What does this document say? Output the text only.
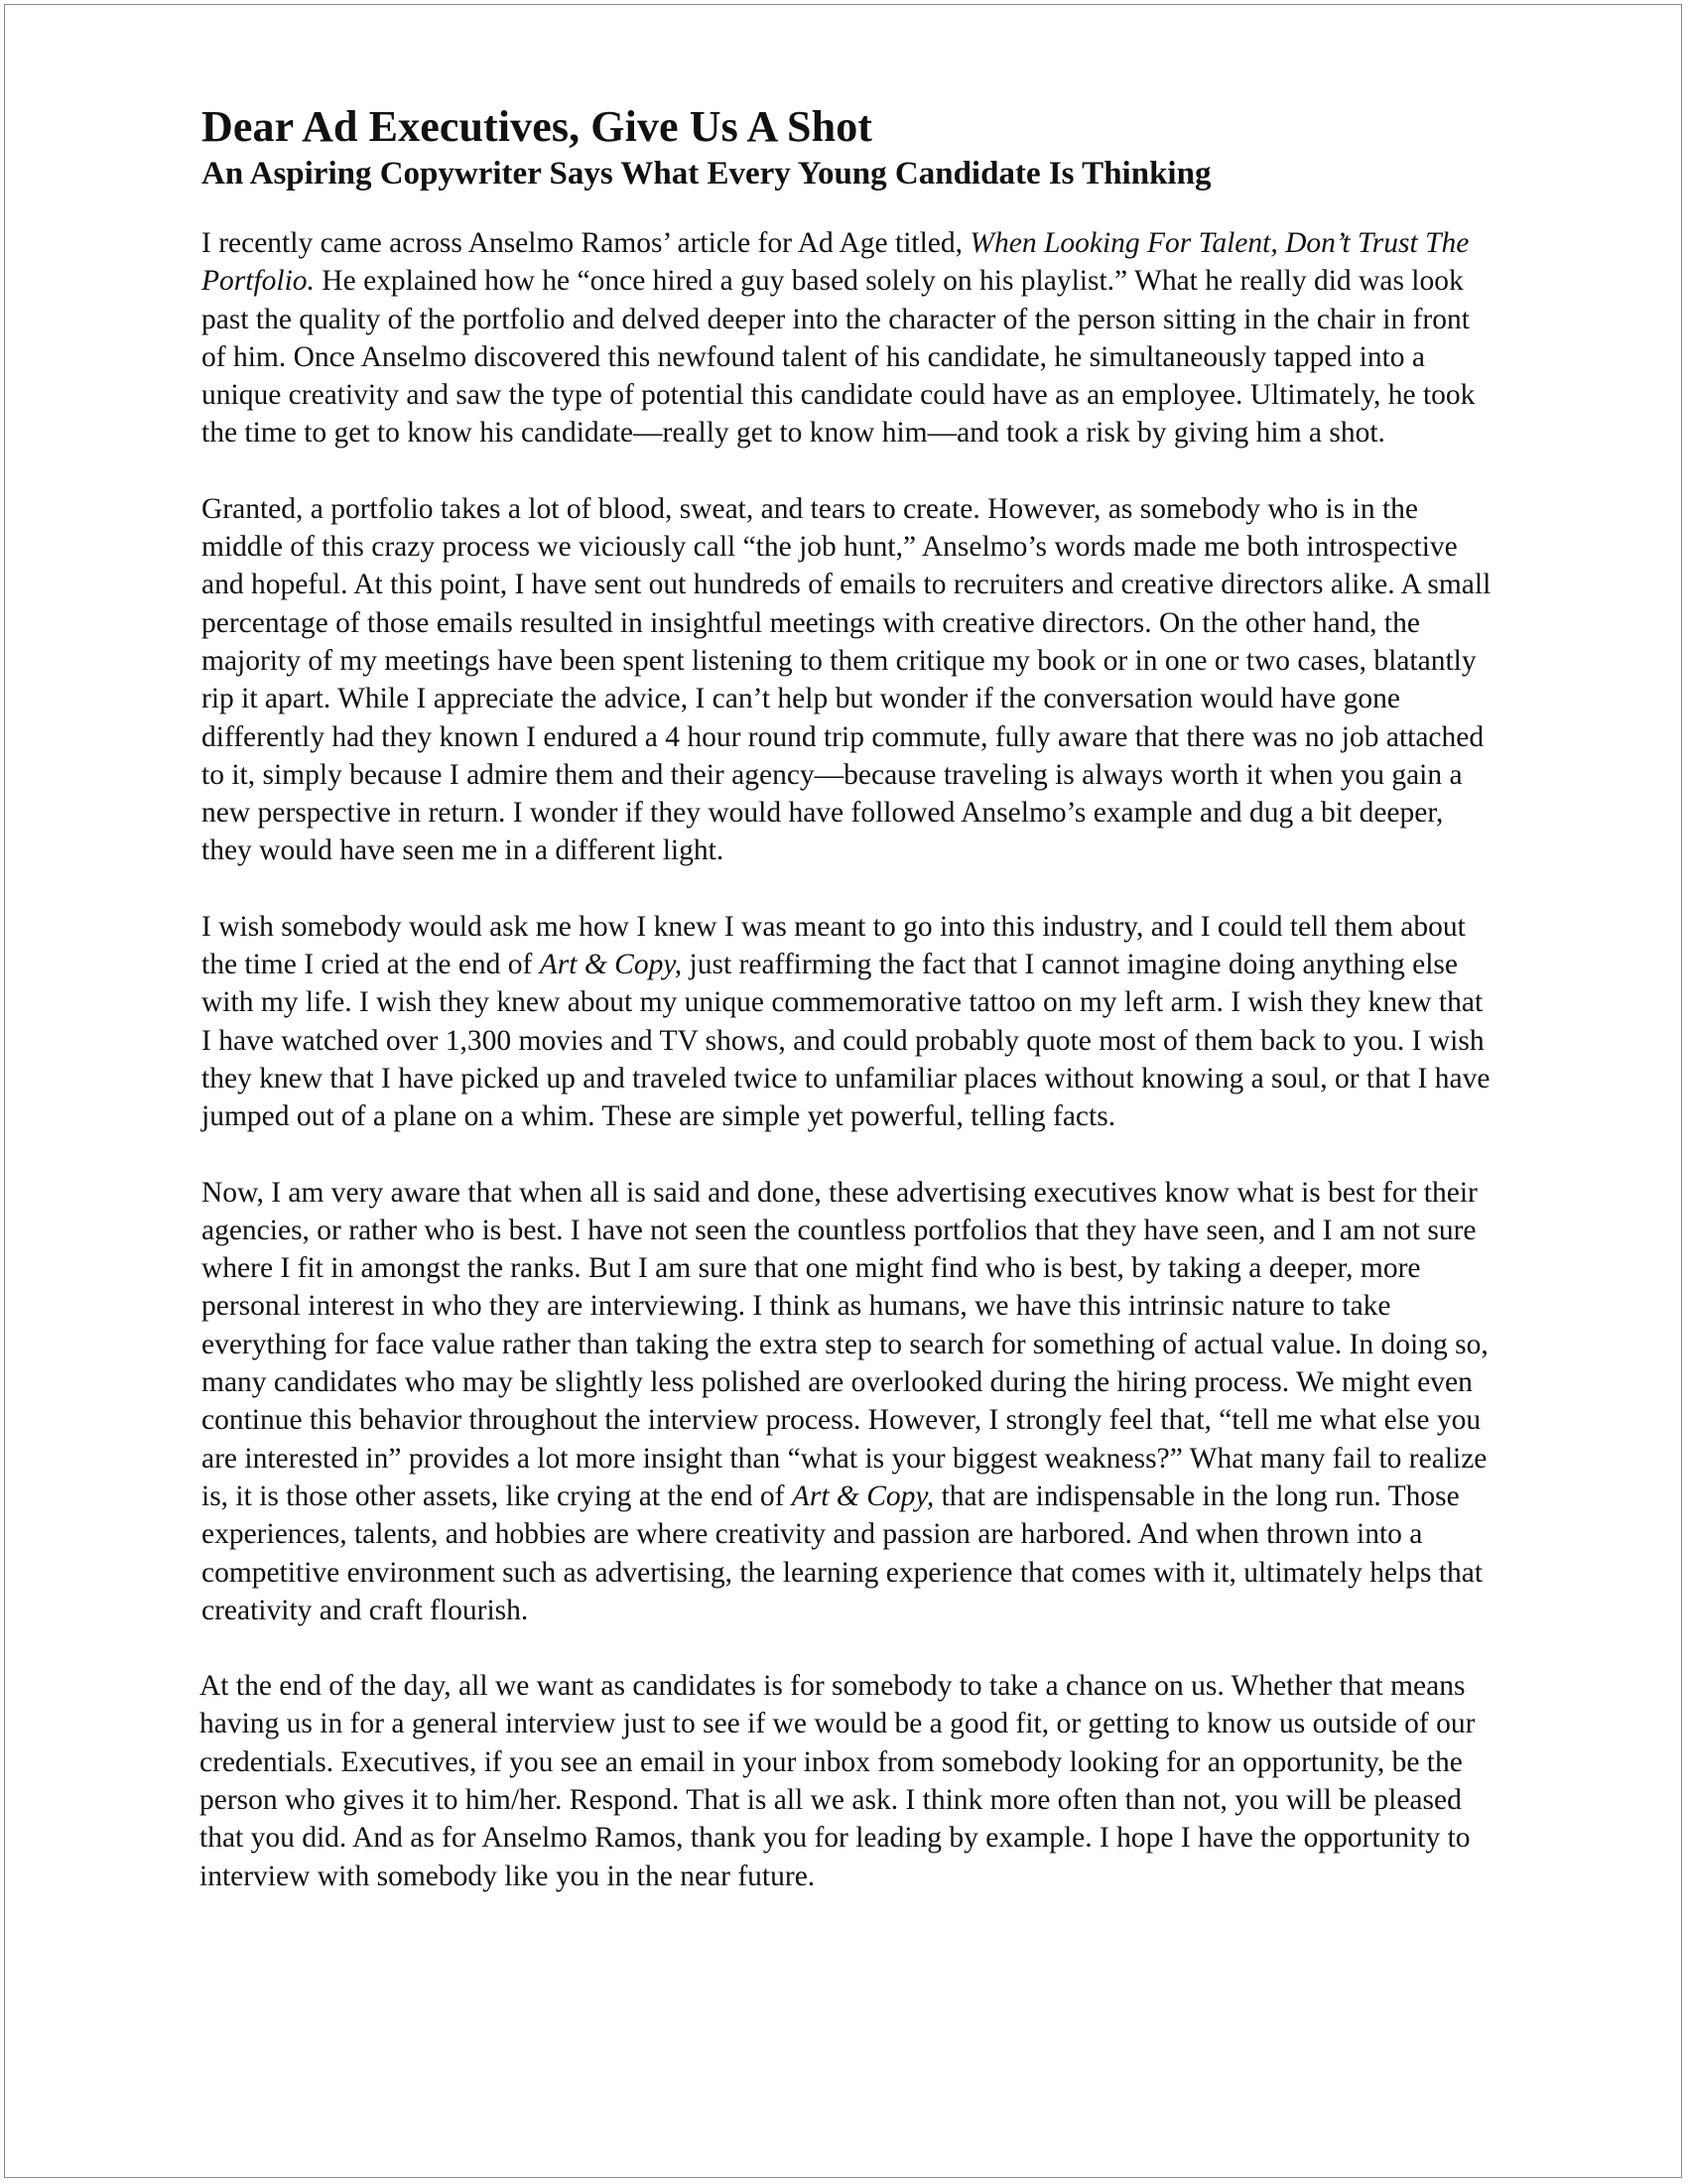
Dear Ad Executives, Give Us A Shot
An Aspiring Copywriter Says What Every Young Candidate Is Thinking

I recently came across Anselmo Ramos’ article for Ad Age titled, When Looking For Talent, Don’t Trust The Portfolio. He explained how he “once hired a guy based solely on his playlist.” What he really did was look past the quality of the portfolio and delved deeper into the character of the person sitting in the chair in front of him. Once Anselmo discovered this newfound talent of his candidate, he simultaneously tapped into a unique creativity and saw the type of potential this candidate could have as an employee. Ultimately, he took the time to get to know his candidate—really get to know him—and took a risk by giving him a shot.

Granted, a portfolio takes a lot of blood, sweat, and tears to create. However, as somebody who is in the middle of this crazy process we viciously call “the job hunt,” Anselmo’s words made me both introspective and hopeful. At this point, I have sent out hundreds of emails to recruiters and creative directors alike. A small percentage of those emails resulted in insightful meetings with creative directors. On the other hand, the majority of my meetings have been spent listening to them critique my book or in one or two cases, blatantly rip it apart. While I appreciate the advice, I can’t help but wonder if the conversation would have gone differently had they known I endured a 4 hour round trip commute, fully aware that there was no job attached to it, simply because I admire them and their agency—because traveling is always worth it when you gain a new perspective in return. I wonder if they would have followed Anselmo’s example and dug a bit deeper, they would have seen me in a different light.

I wish somebody would ask me how I knew I was meant to go into this industry, and I could tell them about the time I cried at the end of Art & Copy, just reaffirming the fact that I cannot imagine doing anything else with my life. I wish they knew about my unique commemorative tattoo on my left arm. I wish they knew that I have watched over 1,300 movies and TV shows, and could probably quote most of them back to you. I wish they knew that I have picked up and traveled twice to unfamiliar places without knowing a soul, or that I have jumped out of a plane on a whim. These are simple yet powerful, telling facts.

Now, I am very aware that when all is said and done, these advertising executives know what is best for their agencies, or rather who is best. I have not seen the countless portfolios that they have seen, and I am not sure where I fit in amongst the ranks. But I am sure that one might find who is best, by taking a deeper, more personal interest in who they are interviewing. I think as humans, we have this intrinsic nature to take everything for face value rather than taking the extra step to search for something of actual value. In doing so, many candidates who may be slightly less polished are overlooked during the hiring process. We might even continue this behavior throughout the interview process. However, I strongly feel that, “tell me what else you are interested in” provides a lot more insight than “what is your biggest weakness?” What many fail to realize is, it is those other assets, like crying at the end of Art & Copy, that are indispensable in the long run. Those experiences, talents, and hobbies are where creativity and passion are harbored. And when thrown into a competitive environment such as advertising, the learning experience that comes with it, ultimately helps that creativity and craft flourish.

At the end of the day, all we want as candidates is for somebody to take a chance on us. Whether that means having us in for a general interview just to see if we would be a good fit, or getting to know us outside of our credentials. Executives, if you see an email in your inbox from somebody looking for an opportunity, be the person who gives it to him/her. Respond. That is all we ask. I think more often than not, you will be pleased that you did. And as for Anselmo Ramos, thank you for leading by example. I hope I have the opportunity to interview with somebody like you in the near future.
